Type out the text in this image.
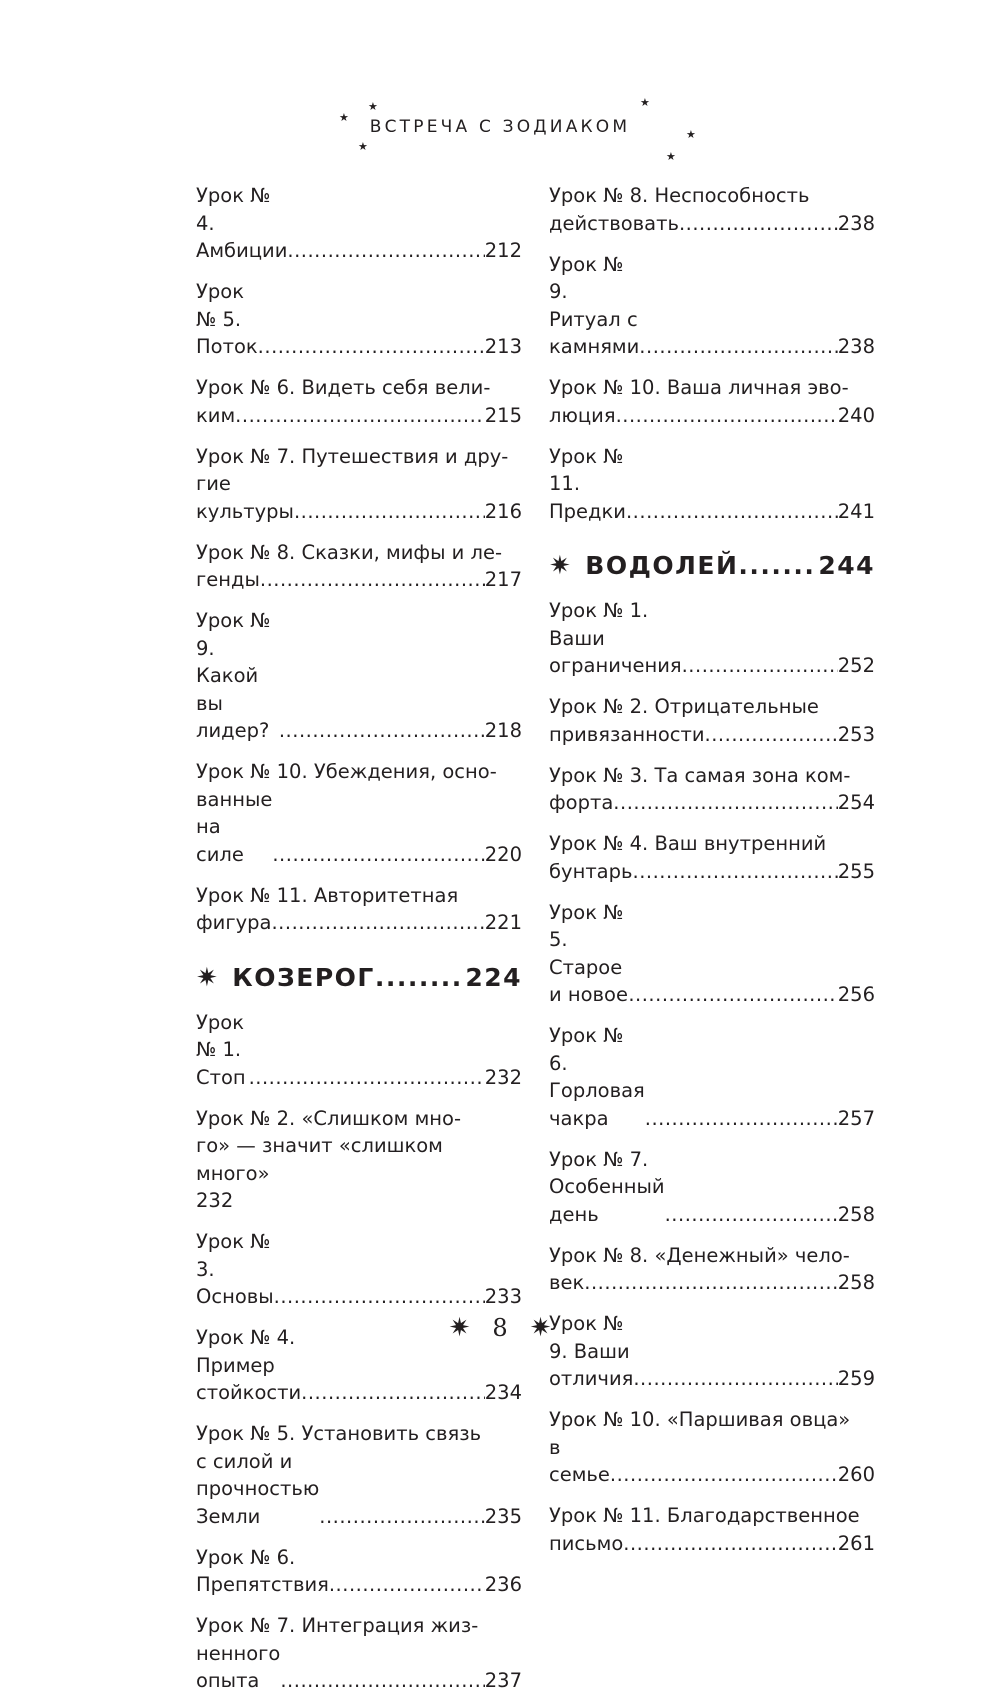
★
★
★
★
★
★
ВСТРЕЧА С ЗОДИАКОМ
Урок № 4. Амбиции .....	212
Урок № 5. Поток .....	213
Урок № 6. Видеть себя вели-
ким .....	215
Урок № 7. Путешествия и дру-
гие культуры .....	216
Урок № 8. Сказки, мифы и ле-
генды .....	217
Урок № 9. Какой вы лидер? .....	218
Урок № 10. Убеждения, осно-
ванные на силе .....	220
Урок № 11. Авторитетная
фигура .....	221
✷ КОЗЕРОГ .....	224
Урок № 1. Стоп .....	232
Урок № 2. «Слишком мно-
го» — значит «слишком много»
232
Урок № 3. Основы .....	233
Урок № 4. Пример стойкости .....	234
Урок № 5. Установить связь
с силой и прочностью Земли .....	235
Урок № 6. Препятствия .....	236
Урок № 7. Интеграция жиз-
ненного опыта .....	237
Урок № 8. Неспособность
действовать .....	238
Урок № 9. Ритуал с камнями .....	238
Урок № 10. Ваша личная эво-
люция .....	240
Урок № 11. Предки .....	241
✷ ВОДОЛЕЙ .....	244
Урок № 1. Ваши ограничения .....	252
Урок № 2. Отрицательные
привязанности .....	253
Урок № 3. Та самая зона ком-
форта .....	254
Урок № 4. Ваш внутренний
бунтарь .....	255
Урок № 5. Старое и новое .....	256
Урок № 6. Горловая чакра .....	257
Урок № 7. Особенный день .....	258
Урок № 8. «Денежный» чело-
век .....	258
Урок № 9. Ваши отличия .....	259
Урок № 10. «Паршивая овца»
в семье .....	260
Урок № 11. Благодарственное
письмо .....	261
✷ 8 ✷
